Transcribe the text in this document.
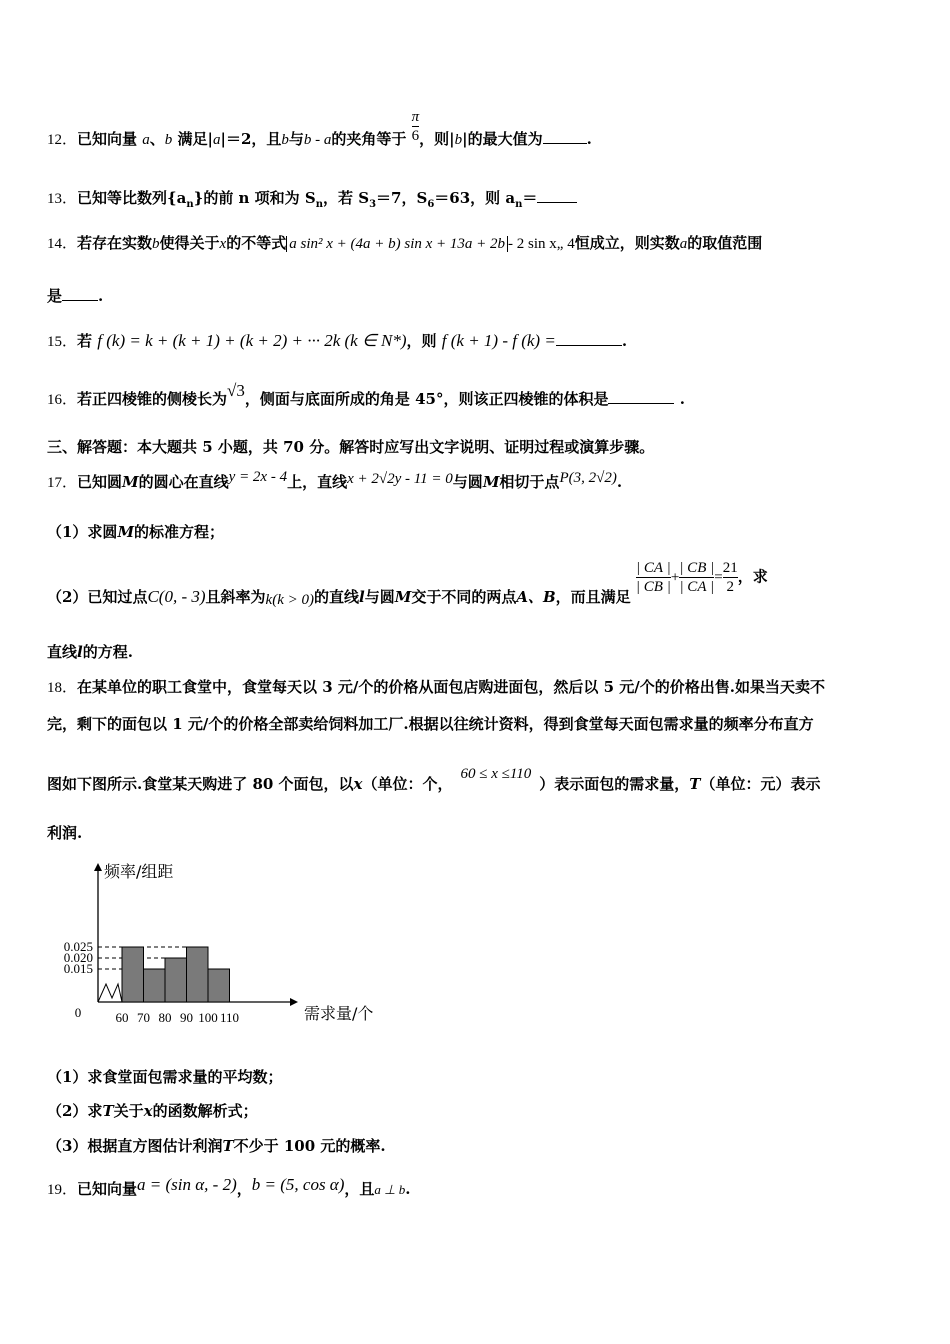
12．已知向量 a、b 满足|a|＝2，且b与b - a的夹角等于 $\frac{\pi}{6}$ ，则|b|的最大值为	.
13．已知等比数列$\{a_n\}$的前 n 项和为 $S_n$，若 $S_3=7$，$S_6=63$，则 $a_n=$
14．若存在实数b使得关于x的不等式 a sin² x + (4a + b) sin x + 13a + 2b - 2 sin x„ 4恒成立，则实数a的取值范围
是 .
15．若 f (k) = k + (k + 1) + (k + 2) + ··· 2k (k ∈ N*)，则 f (k + 1) - f (k) =	.
16．若正四棱锥的侧棱长为√3，侧面与底面所成的角是 45°，则该正四棱锥的体积是	.
三、解答题：本大题共 5 小题，共 70 分。解答时应写出文字说明、证明过程或演算步骤。
17．已知圆M的圆心在直线y = 2x - 4上，直线x + 2√2y - 11 = 0与圆M相切于点P(3, 2√2).
（1）求圆M的标准方程；
（2）已知过点C(0, - 3)且斜率为k(k > 0)的直线l与圆M交于不同的两点A、B，而且满足
$\frac{| CA |}{| CB |} + \frac{| CB |}{| CA |} = \frac{21}{2}$ ，求
直线l的方程.
18．在某单位的职工食堂中，食堂每天以 3 元/个的价格从面包店购进面包，然后以 5 元/个的价格出售.如果当天卖不
完，剩下的面包以 1 元/个的价格全部卖给饲料加工厂.根据以往统计资料，得到食堂每天面包需求量的频率分布直方
图如下图所示.食堂某天购进了 80 个面包，以x（单位：个，60 ≤ x ≤110）表示面包的需求量，T（单位：元）表示
利润.
0.025
0.020
0.015
60 70 80 90 100 110
0
频率/组距
需求量/个
（1）求食堂面包需求量的平均数；
（2）求T关于x的函数解析式；
（3）根据直方图估计利润T不少于 100 元的概率.
19．已知向量a = (sin α, - 2)，b = (5, cos α)，且a ⊥ b.
